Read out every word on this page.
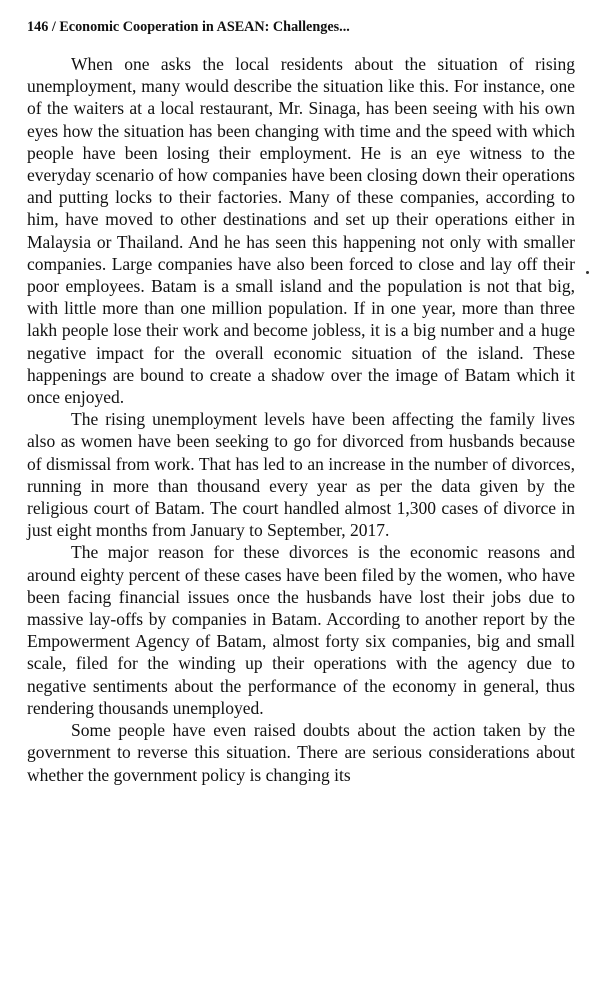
146 / Economic Cooperation in ASEAN: Challenges...

When one asks the local residents about the situation of rising unemployment, many would describe the situation like this. For instance, one of the waiters at a local restaurant, Mr. Sinaga, has been seeing with his own eyes how the situation has been changing with time and the speed with which people have been losing their employment. He is an eye witness to the everyday scenario of how companies have been closing down their operations and putting locks to their factories. Many of these companies, according to him, have moved to other destinations and set up their operations either in Malaysia or Thailand. And he has seen this happening not only with smaller companies. Large companies have also been forced to close and lay off their poor employees. Batam is a small island and the population is not that big, with little more than one million population. If in one year, more than three lakh people lose their work and become jobless, it is a big number and a huge negative impact for the overall economic situation of the island. These happenings are bound to create a shadow over the image of Batam which it once enjoyed.

The rising unemployment levels have been affecting the family lives also as women have been seeking to go for divorced from husbands because of dismissal from work. That has led to an increase in the number of divorces, running in more than thousand every year as per the data given by the religious court of Batam. The court handled almost 1,300 cases of divorce in just eight months from January to September, 2017.

The major reason for these divorces is the economic reasons and around eighty percent of these cases have been filed by the women, who have been facing financial issues once the husbands have lost their jobs due to massive lay-offs by companies in Batam. According to another report by the Empowerment Agency of Batam, almost forty six companies, big and small scale, filed for the winding up their operations with the agency due to negative sentiments about the performance of the economy in general, thus rendering thousands unemployed.

Some people have even raised doubts about the action taken by the government to reverse this situation. There are serious considerations about whether the government policy is changing its
